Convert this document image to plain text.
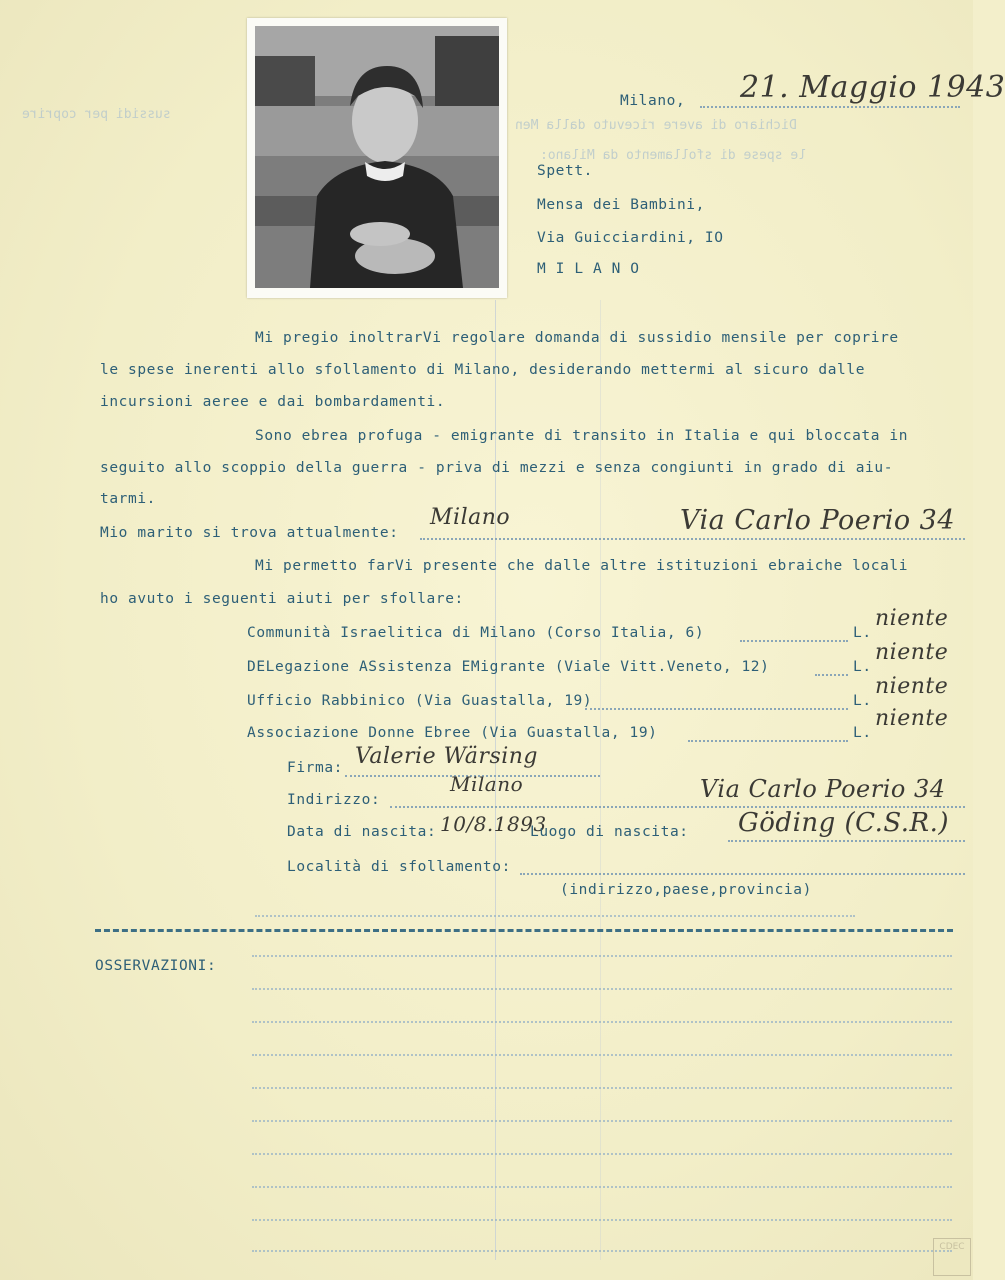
sussidi per coprire
Dichiaro di avere ricevuto dalla Men
le spese di sfollamento da Milano:
Milano, 21. Maggio 1943
Spett.
Mensa dei Bambini,
Via Guicciardini, IO
M I L A N O
Mi pregio inoltrarVi regolare domanda di sussidio mensile per coprire
le spese inerenti allo sfollamento di Milano, desiderando mettermi al sicuro dalle
incursioni aeree e dai bombardamenti.
Sono ebrea profuga - emigrante di transito in Italia e qui bloccata in
seguito allo scoppio della guerra - priva di mezzi e senza congiunti in grado di aiu-
tarmi.
Mio marito si trova attualmente:
Milano	Via Carlo Poerio 34
Mi permetto farVi presente che dalle altre istituzioni ebraiche locali
ho avuto i seguenti aiuti per sfollare:
Communità Israelitica di Milano (Corso Italia, 6)	L.
niente
DELegazione ASsistenza EMigrante (Viale Vitt.Veneto, 12)	L.
niente
Ufficio Rabbinico (Via Guastalla, 19)	L.
niente
Associazione Donne Ebree (Via Guastalla, 19)	L.
niente
Firma: Valerie Wärsing
Indirizzo:
Milano	Via Carlo Poerio 34
Data di nascita: 10/8.1893
Luogo di nascita: Göding (C.S.R.)
Località di sfollamento:
(indirizzo,paese,provincia)
OSSERVAZIONI:
CDEC
